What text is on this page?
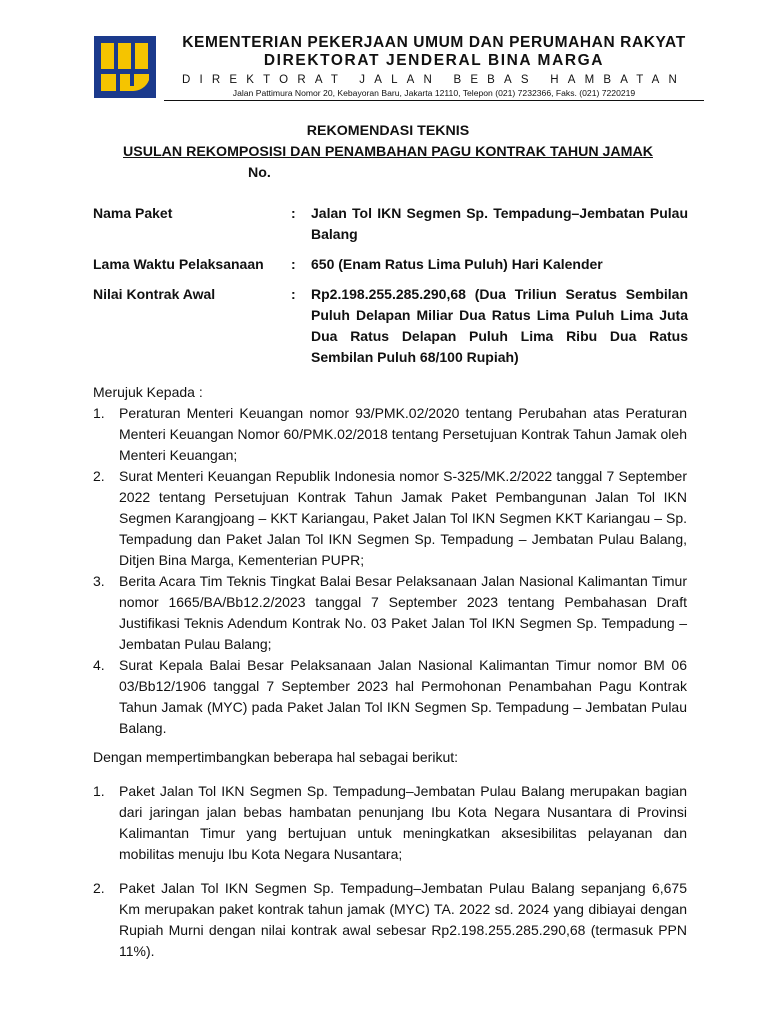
KEMENTERIAN PEKERJAAN UMUM DAN PERUMAHAN RAKYAT
DIREKTORAT JENDERAL BINA MARGA
DIREKTORAT JALAN BEBAS HAMBATAN
Jalan Pattimura Nomor 20, Kebayoran Baru, Jakarta 12110, Telepon (021) 7232366, Faks. (021) 7220219
REKOMENDASI TEKNIS
USULAN REKOMPOSISI DAN PENAMBAHAN PAGU KONTRAK TAHUN JAMAK
No.
Nama Paket	:	Jalan Tol IKN Segmen Sp. Tempadung–Jembatan Pulau Balang
Lama Waktu Pelaksanaan	:	650 (Enam Ratus Lima Puluh) Hari Kalender
Nilai Kontrak Awal	:	Rp2.198.255.285.290,68 (Dua Triliun Seratus Sembilan Puluh Delapan Miliar Dua Ratus Lima Puluh Lima Juta Dua Ratus Delapan Puluh Lima Ribu Dua Ratus Sembilan Puluh 68/100 Rupiah)
Merujuk Kepada :
1.	Peraturan Menteri Keuangan nomor 93/PMK.02/2020 tentang Perubahan atas Peraturan Menteri Keuangan Nomor 60/PMK.02/2018 tentang Persetujuan Kontrak Tahun Jamak oleh Menteri Keuangan;
2.	Surat Menteri Keuangan Republik Indonesia nomor S-325/MK.2/2022 tanggal 7 September 2022 tentang Persetujuan Kontrak Tahun Jamak Paket Pembangunan Jalan Tol IKN Segmen Karangjoang – KKT Kariangau, Paket Jalan Tol IKN Segmen KKT Kariangau – Sp. Tempadung dan Paket Jalan Tol IKN Segmen Sp. Tempadung – Jembatan Pulau Balang, Ditjen Bina Marga, Kementerian PUPR;
3.	Berita Acara Tim Teknis Tingkat Balai Besar Pelaksanaan Jalan Nasional Kalimantan Timur nomor 1665/BA/Bb12.2/2023 tanggal 7 September 2023 tentang Pembahasan Draft Justifikasi Teknis Adendum Kontrak No. 03 Paket Jalan Tol IKN Segmen Sp. Tempadung – Jembatan Pulau Balang;
4.	Surat Kepala Balai Besar Pelaksanaan Jalan Nasional Kalimantan Timur nomor BM 06 03/Bb12/1906 tanggal 7 September 2023 hal Permohonan Penambahan Pagu Kontrak Tahun Jamak (MYC) pada Paket Jalan Tol IKN Segmen Sp. Tempadung – Jembatan Pulau Balang.
Dengan mempertimbangkan beberapa hal sebagai berikut:
1.	Paket Jalan Tol IKN Segmen Sp. Tempadung–Jembatan Pulau Balang merupakan bagian dari jaringan jalan bebas hambatan penunjang Ibu Kota Negara Nusantara di Provinsi Kalimantan Timur yang bertujuan untuk meningkatkan aksesibilitas pelayanan dan mobilitas menuju Ibu Kota Negara Nusantara;
2.	Paket Jalan Tol IKN Segmen Sp. Tempadung–Jembatan Pulau Balang sepanjang 6,675 Km merupakan paket kontrak tahun jamak (MYC) TA. 2022 sd. 2024 yang dibiayai dengan Rupiah Murni dengan nilai kontrak awal sebesar Rp2.198.255.285.290,68 (termasuk PPN 11%).
